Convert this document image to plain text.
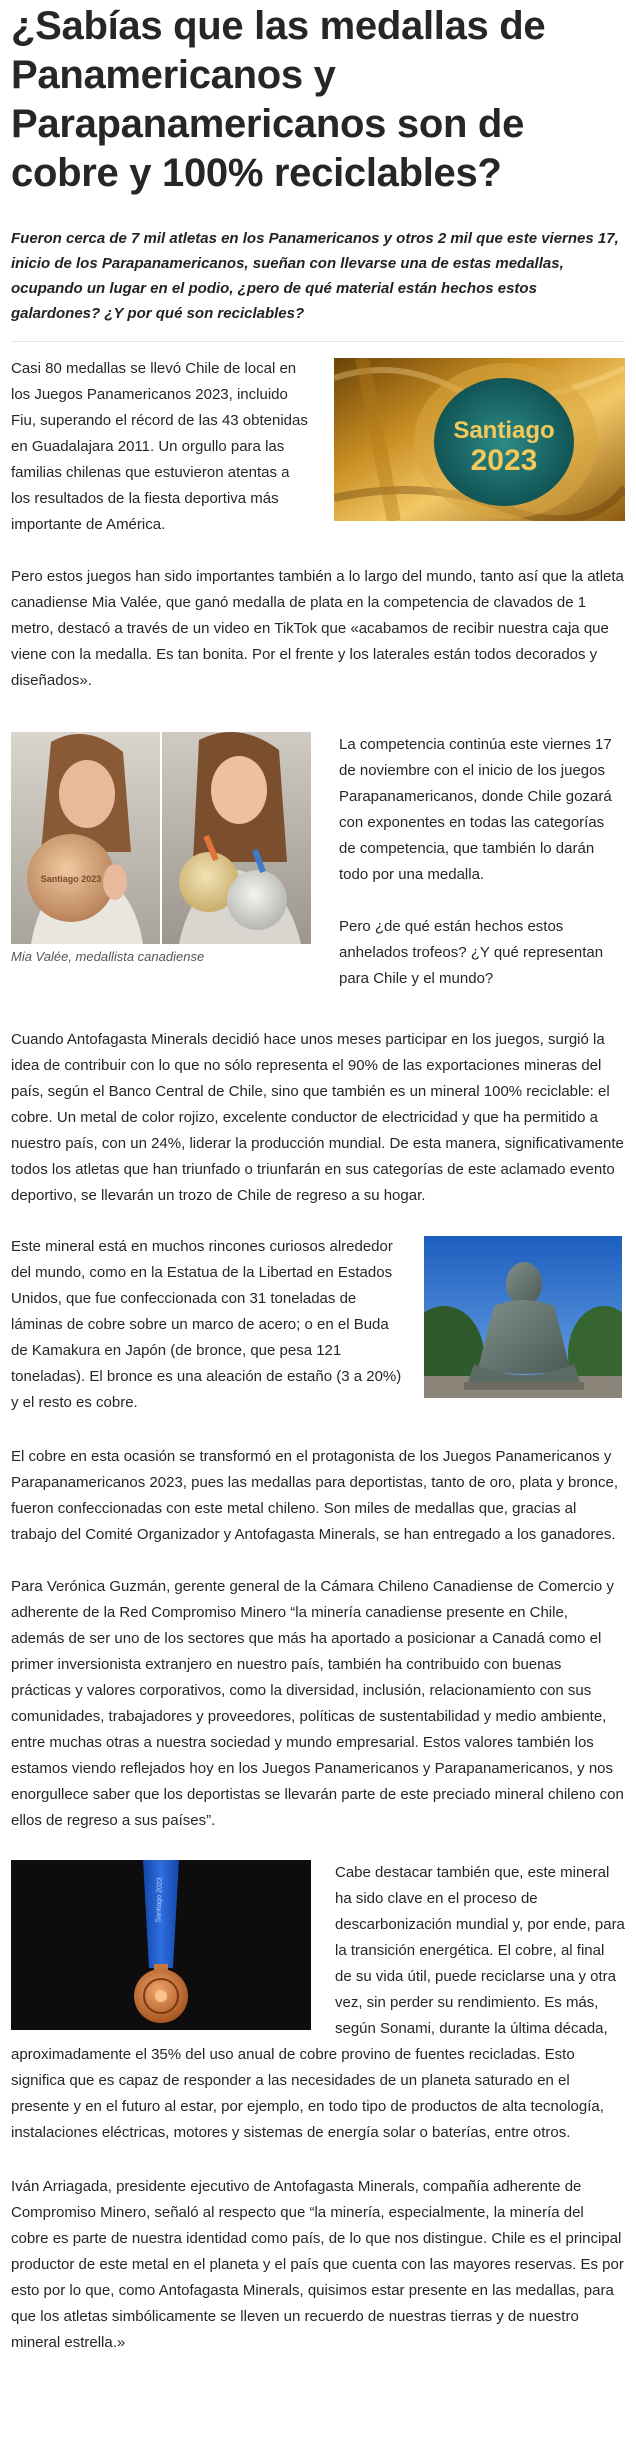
¿Sabías que las medallas de Panamericanos y Parapanamericanos son de cobre y 100% reciclables?

Fueron cerca de 7 mil atletas en los Panamericanos y otros 2 mil que este viernes 17, inicio de los Parapanamericanos, sueñan con llevarse una de estas medallas, ocupando un lugar en el podio, ¿pero de qué material están hechos estos galardones? ¿Y por qué son reciclables?

Casi 80 medallas se llevó Chile de local en los Juegos Panamericanos 2023, incluido Fiu, superando el récord de las 43 obtenidas en Guadalajara 2011. Un orgullo para las familias chilenas que estuvieron atentas a los resultados de la fiesta deportiva más importante de América.

Santiago
2023

Pero estos juegos han sido importantes también a lo largo del mundo, tanto así que la atleta canadiense Mia Valée, que ganó medalla de plata en la competencia de clavados de 1 metro, destacó a través de un video en TikTok que «acabamos de recibir nuestra caja que viene con la medalla. Es tan bonita. Por el frente y los laterales están todos decorados y diseñados».

Santiago 2023
Mia Valée, medallista canadiense

La competencia continúa este viernes 17 de noviembre con el inicio de los juegos Parapanamericanos, donde Chile gozará con exponentes en todas las categorías de competencia, que también lo darán todo por una medalla.

Pero ¿de qué están hechos estos anhelados trofeos? ¿Y qué representan para Chile y el mundo?

Cuando Antofagasta Minerals decidió hace unos meses participar en los juegos, surgió la idea de contribuir con lo que no sólo representa el 90% de las exportaciones mineras del país, según el Banco Central de Chile, sino que también es un mineral 100% reciclable: el cobre. Un metal de color rojizo, excelente conductor de electricidad y que ha permitido a nuestro país, con un 24%, liderar la producción mundial. De esta manera, significativamente todos los atletas que han triunfado o triunfarán en sus categorías de este aclamado evento deportivo, se llevarán un trozo de Chile de regreso a su hogar.

Este mineral está en muchos rincones curiosos alrededor del mundo, como en la Estatua de la Libertad en Estados Unidos, que fue confeccionada con 31 toneladas de láminas de cobre sobre un marco de acero; o en el Buda de Kamakura en Japón (de bronce, que pesa 121 toneladas). El bronce es una aleación de estaño (3 a 20%) y el resto es cobre.

El cobre en esta ocasión se transformó en el protagonista de los Juegos Panamericanos y Parapanamericanos 2023, pues las medallas para deportistas, tanto de oro, plata y bronce, fueron confeccionadas con este metal chileno. Son miles de medallas que, gracias al trabajo del Comité Organizador y Antofagasta Minerals, se han entregado a los ganadores.

Para Verónica Guzmán, gerente general de la Cámara Chileno Canadiense de Comercio y adherente de la Red Compromiso Minero “la minería canadiense presente en Chile, además de ser uno de los sectores que más ha aportado a posicionar a Canadá como el primer inversionista extranjero en nuestro país, también ha contribuido con buenas prácticas y valores corporativos, como la diversidad, inclusión, relacionamiento con sus comunidades, trabajadores y proveedores, políticas de sustentabilidad y medio ambiente, entre muchas otras a nuestra sociedad y mundo empresarial. Estos valores también los estamos viendo reflejados hoy en los Juegos Panamericanos y Parapanamericanos, y nos enorgullece saber que los deportistas se llevarán parte de este preciado mineral chileno con ellos de regreso a sus países”.

Santiago 2023

Cabe destacar también que, este mineral ha sido clave en el proceso de descarbonización mundial y, por ende, para la transición energética. El cobre, al final de su vida útil, puede reciclarse una y otra vez, sin perder su rendimiento. Es más, según Sonami, durante la última década, aproximadamente el 35% del uso anual de cobre provino de fuentes recicladas. Esto significa que es capaz de responder a las necesidades de un planeta saturado en el presente y en el futuro al estar, por ejemplo, en todo tipo de productos de alta tecnología, instalaciones eléctricas, motores y sistemas de energía solar o baterías, entre otros.

Iván Arriagada, presidente ejecutivo de Antofagasta Minerals, compañía adherente de Compromiso Minero, señaló al respecto que “la minería, especialmente, la minería del cobre es parte de nuestra identidad como país, de lo que nos distingue. Chile es el principal productor de este metal en el planeta y el país que cuenta con las mayores reservas. Es por esto por lo que, como Antofagasta Minerals, quisimos estar presente en las medallas, para que los atletas simbólicamente se lleven un recuerdo de nuestras tierras y de nuestro mineral estrella.»
